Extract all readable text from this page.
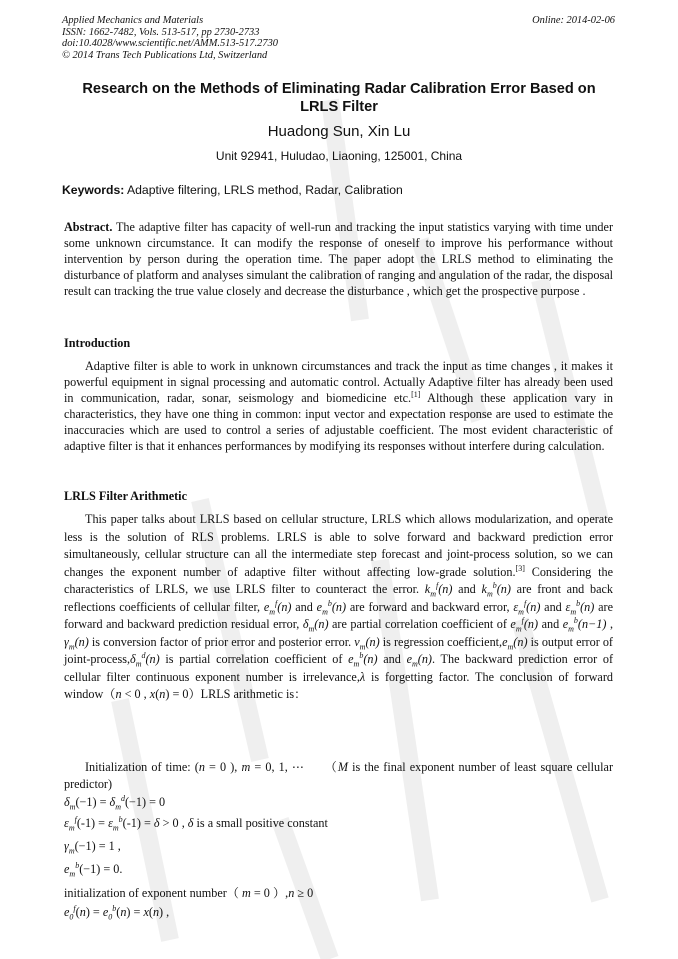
Applied Mechanics and Materials
ISSN: 1662-7482, Vols. 513-517, pp 2730-2733
doi:10.4028/www.scientific.net/AMM.513-517.2730
© 2014 Trans Tech Publications Ltd, Switzerland
Online: 2014-02-06
Research on the Methods of Eliminating Radar Calibration Error Based on LRLS Filter
Huadong Sun, Xin Lu
Unit 92941, Huludao, Liaoning, 125001, China
Keywords: Adaptive filtering, LRLS method, Radar, Calibration
Abstract. The adaptive filter has capacity of well-run and tracking the input statistics varying with time under some unknown circumstance. It can modify the response of oneself to improve his performance without intervention by person during the operation time. The paper adopt the LRLS method to eliminating the disturbance of platform and analyses simulant the calibration of ranging and angulation of the radar, the disposal result can tracking the true value closely and decrease the disturbance , which get the prospective purpose .
Introduction
Adaptive filter is able to work in unknown circumstances and track the input as time changes , it makes it powerful equipment in signal processing and automatic control. Actually Adaptive filter has already been used in communication, radar, sonar, seismology and biomedicine etc.[1] Although these application vary in characteristics, they have one thing in common: input vector and expectation response are used to estimate the inaccuracies which are used to control a series of adjustable coefficient. The most evident characteristic of adaptive filter is that it enhances performances by modifying its responses without interfere during calculation.
LRLS Filter Arithmetic
This paper talks about LRLS based on cellular structure, LRLS which allows modularization, and operate less is the solution of RLS problems. LRLS is able to solve forward and backward prediction error simultaneously, cellular structure can all the intermediate step forecast and joint-process solution, so we can changes the exponent number of adaptive filter without affecting low-grade solution.[3] Considering the characteristics of LRLS, we use LRLS filter to counteract the error. $k_m^f(n)$ and $k_m^b(n)$ are front and back reflections coefficients of cellular filter, $e_m^f(n)$ and $e_m^b(n)$ are forward and backward error, $\varepsilon_m^f(n)$ and $\varepsilon_m^b(n)$ are forward and backward prediction residual error, $\delta_m(n)$ are partial correlation coefficient of $e_m^f(n)$ and $e_m^b(n-1)$ , $\gamma_m(n)$ is conversion factor of prior error and posterior error. $v_m(n)$ is regression $coefficient,e_m(n)$ is output error of joint-$process,\delta_m^d(n)$ is partial correlation coefficient of $e_m^b(n)$ and $e_m(n)$. The backward prediction error of cellular filter continuous exponent number is irrelevance,λ is forgetting factor. The conclusion of forward window（n < 0 , x(n) = 0）LRLS arithmetic is：
Initialization of time: (n = 0 ), m = 0, 1, ⋯     （M is the final exponent number of least square cellular predictor)
$\delta_m(-1) = \delta_m^d(-1) = 0$
$\varepsilon_m^f(-1) = \varepsilon_m^b(-1) = \delta > 0$ , δ is a small positive constant
$\gamma_m(-1) = 1$ ,
$e_m^b(-1) = 0$.
initialization of exponent number（ m = 0 ）,n ≥ 0
$e_0^f(n) = e_0^b(n) = x(n)$ ,
